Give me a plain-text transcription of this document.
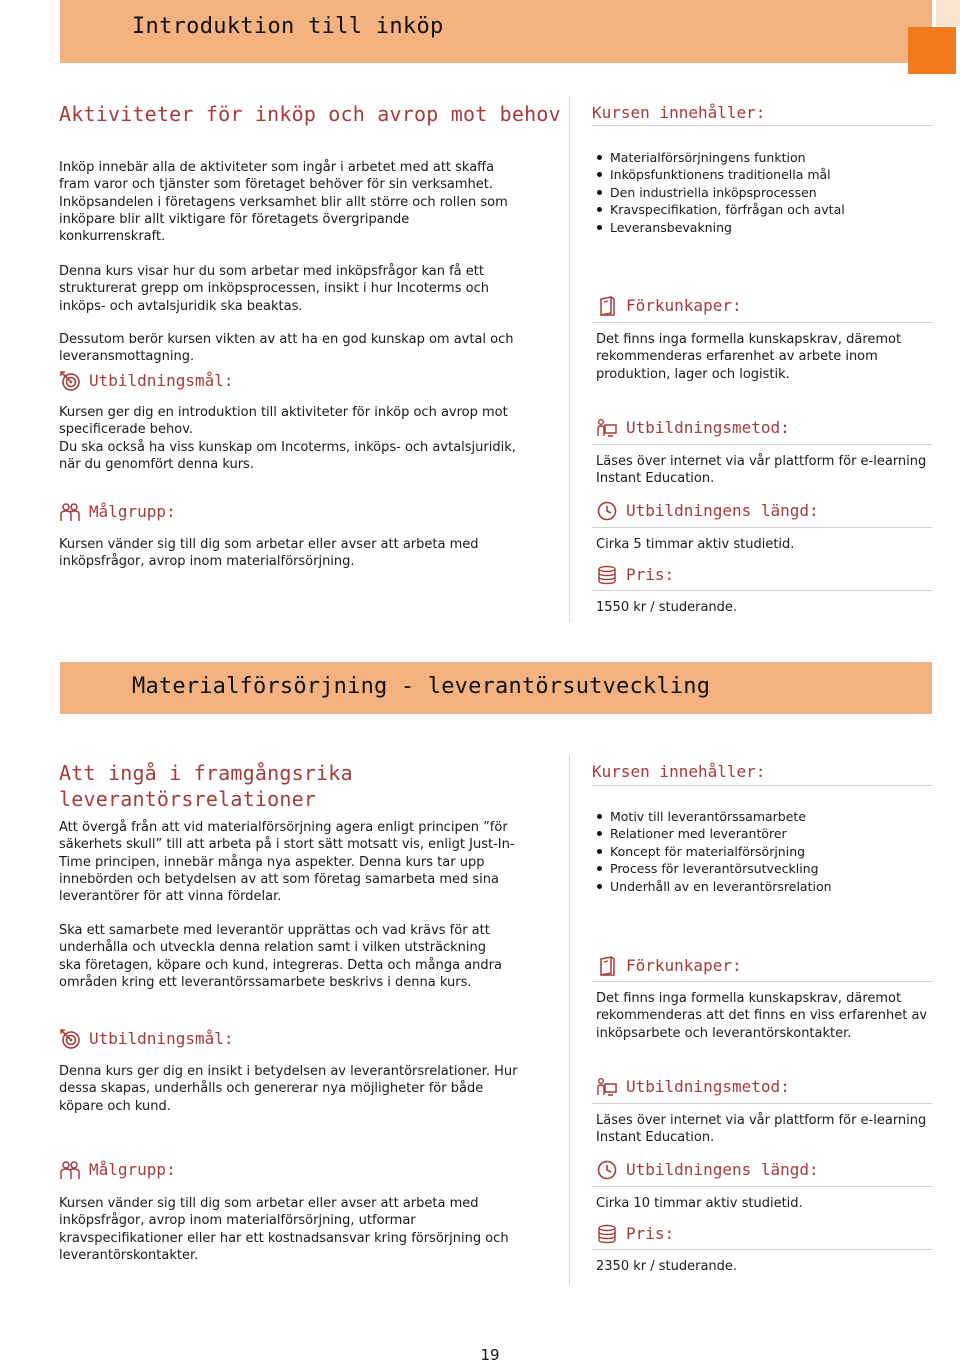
Introduktion till inköp
Aktiviteter för inköp och avrop mot behov
Inköp innebär alla de aktiviteter som ingår i arbetet med att skaffa fram varor och tjänster som företaget behöver för sin verksamhet. Inköpsandelen i företagens verksamhet blir allt större och rollen som inköpare blir allt viktigare för företagets övergripande konkurrenskraft.
Denna kurs visar hur du som arbetar med inköpsfrågor kan få ett strukturerat grepp om inköpsprocessen, insikt i hur Incoterms och inköps- och avtalsjuridik ska beaktas.
Dessutom berör kursen vikten av att ha en god kunskap om avtal och leveransmottagning.
Utbildningsmål:
Kursen ger dig en introduktion till aktiviteter för inköp och avrop mot specificerade behov.
Du ska också ha viss kunskap om Incoterms, inköps- och avtalsjuridik, när du genomfört denna kurs.
Målgrupp:
Kursen vänder sig till dig som arbetar eller avser att arbeta med inköpsfrågor, avrop inom materialförsörjning.
Kursen innehåller:
Materialförsörjningens funktion
Inköpsfunktionens traditionella mål
Den industriella inköpsprocessen
Kravspecifikation, förfrågan och avtal
Leveransbevakning
Förkunkaper:
Det finns inga formella kunskapskrav, däremot rekommenderas erfarenhet av arbete inom produktion, lager och logistik.
Utbildningsmetod:
Läses över internet via vår plattform för e-learning Instant Education.
Utbildningens längd:
Cirka 5 timmar aktiv studietid.
Pris:
1550 kr / studerande.
Materialförsörjning - leverantörsutveckling
Att ingå i framgångsrika leverantörsrelationer
Att övergå från att vid materialförsörjning agera enligt principen ”för säkerhets skull” till att arbeta på i stort sätt motsatt vis, enligt Just-In-Time principen, innebär många nya aspekter. Denna kurs tar upp innebörden och betydelsen av att som företag samarbeta med sina leverantörer för att vinna fördelar.
Ska ett samarbete med leverantör upprättas och vad krävs för att underhålla och utveckla denna relation samt i vilken utsträckning ska företagen, köpare och kund, integreras. Detta och många andra områden kring ett leverantörssamarbete beskrivs i denna kurs.
Utbildningsmål:
Denna kurs ger dig en insikt i betydelsen av leverantörsrelationer. Hur dessa skapas, underhålls och genererar nya möjligheter för både köpare och kund.
Målgrupp:
Kursen vänder sig till dig som arbetar eller avser att arbeta med inköpsfrågor, avrop inom materialförsörjning, utformar kravspecifikationer eller har ett kostnadsansvar kring försörjning och leverantörskontakter.
Kursen innehåller:
Motiv till leverantörssamarbete
Relationer med leverantörer
Koncept för materialförsörjning
Process för leverantörsutveckling
Underhåll av en leverantörsrelation
Förkunkaper:
Det finns inga formella kunskapskrav, däremot rekommenderas att det finns en viss erfarenhet av inköpsarbete och leverantörskontakter.
Utbildningsmetod:
Läses över internet via vår plattform för e-learning Instant Education.
Utbildningens längd:
Cirka 10 timmar aktiv studietid.
Pris:
2350 kr / studerande.
19
